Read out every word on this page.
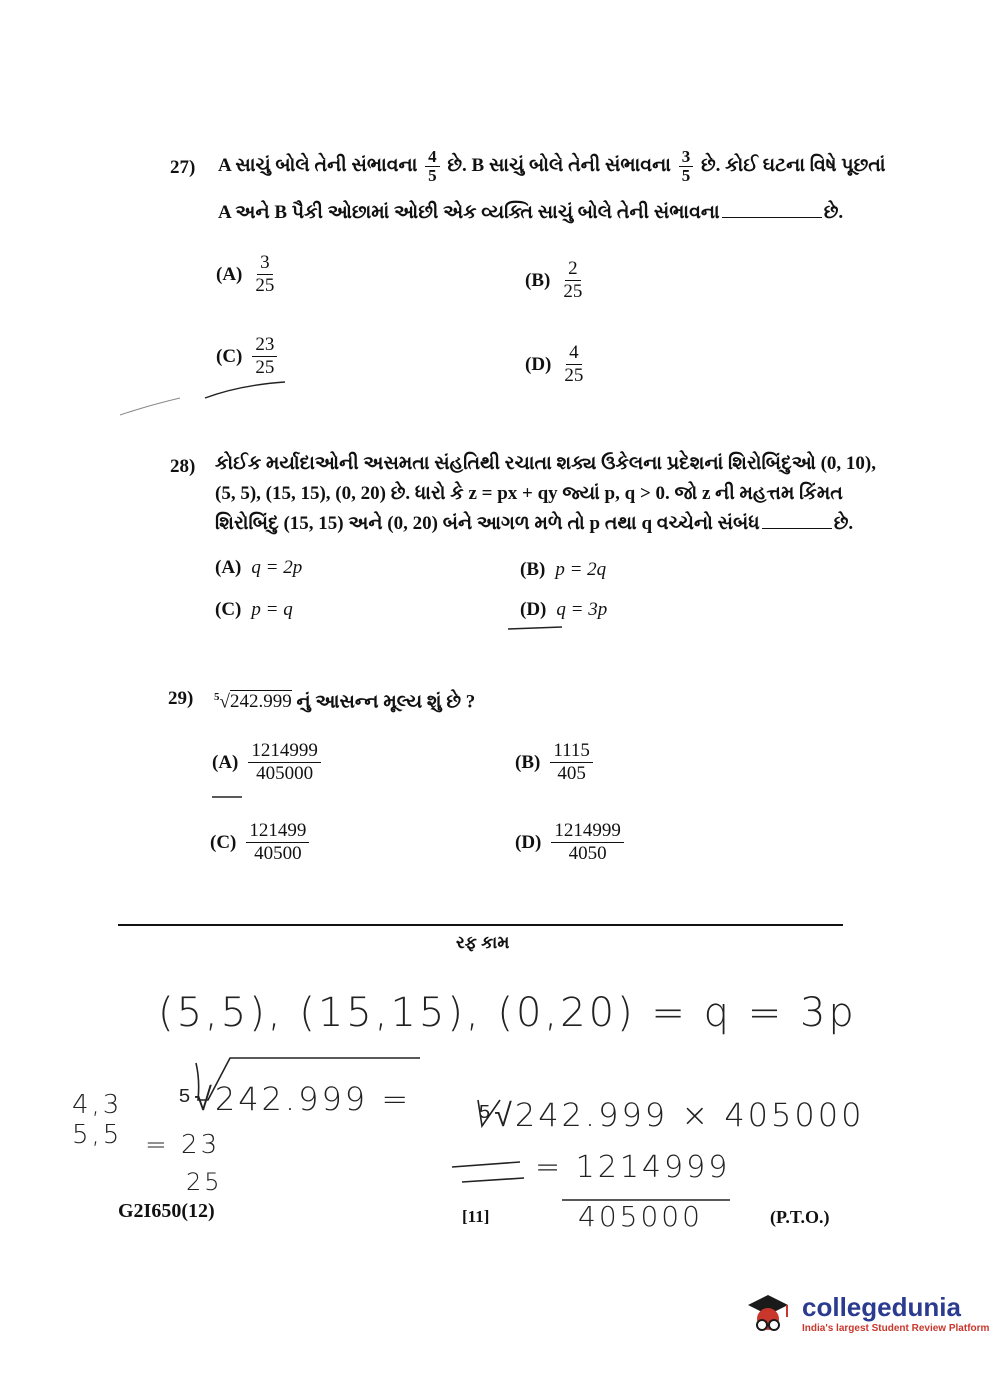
27) A સાચું બોલે તેની સંભાવના $\frac{4}{5}$ છે. B સાચું બોલે તેની સંભાવના $\frac{3}{5}$ છે. કોઈ ઘટના વિષે પૂછતાં
A અને B પૈકી ઓછામાં ઓછી એક વ્યક્તિ સાચું બોલે તેની સંભાવના	છે.
$(A) \frac{3}{25}$	$(B) \frac{2}{25}$
$(C) \frac{23}{25}$	$(D) \frac{4}{25}$
28) કોઈક મર્યાદાઓની અસમતા સંહતિથી રચાતા શક્ય ઉકેલના પ્રદેશનાં શિરોબિંદુઓ (0, 10),
(5, 5), (15, 15), (0, 20) છે. ધારો કે z = px + qy જ્યાં p, q > 0. જો z ની મહત્તમ કિંમત
શિરોબિંદુ (15, 15) અને (0, 20) બંને આગળ મળે તો p તથા q વચ્ચેનો સંબંધ	છે.
(A) q = 2p	(B) p = 2q
(C) p = q	(D) q = 3p
29) $^5$√242.999 નું આસન્ન મૂલ્ય શું છે ?
$(A) \frac{1214999}{405000}$	$(B) \frac{1115}{405}$
$(C) \frac{121499}{40500}$	$(D) \frac{1214999}{4050}$
રફ કામ
(5,5), (15,15), (0,20) = q = 3p
4,3
5,5
⁵√242.999 = ⁵√242.999 × 405000
= 23
25	= 1214999
405000
G2I650(12)	[11]	(P.T.O.)
collegedunia
India's largest Student Review Platform
